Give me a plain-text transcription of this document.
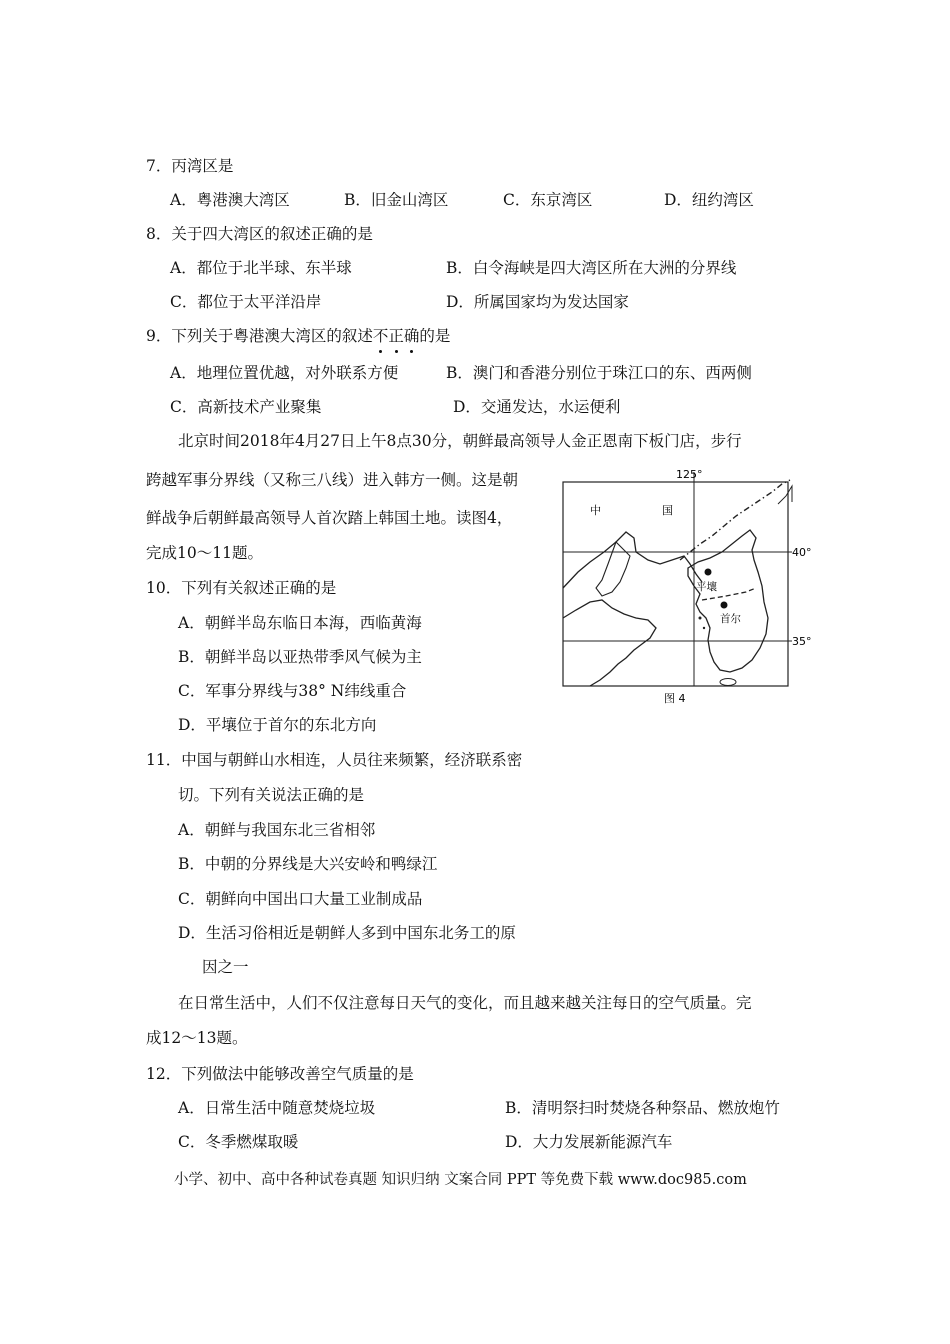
7．丙湾区是
A．粤港澳大湾区	B．旧金山湾区	C．东京湾区	D．纽约湾区
8．关于四大湾区的叙述正确的是
A．都位于北半球、东半球	B．白令海峡是四大湾区所在大洲的分界线
C．都位于太平洋沿岸	D．所属国家均为发达国家
9．下列关于粤港澳大湾区的叙述不正确的是
A．地理位置优越，对外联系方便	B．澳门和香港分别位于珠江口的东、西两侧
C．高新技术产业聚集	D．交通发达，水运便利
北京时间2018年4月27日上午8点30分，朝鲜最高领导人金正恩南下板门店，步行
跨越军事分界线（又称三八线）进入韩方一侧。这是朝
鲜战争后朝鲜最高领导人首次踏上韩国土地。读图4，
完成10～11题。
125°
40°
35°
中	国
平壤
首尔
图 4
10．下列有关叙述正确的是
A．朝鲜半岛东临日本海，西临黄海
B．朝鲜半岛以亚热带季风气候为主
C．军事分界线与38° N纬线重合
D．平壤位于首尔的东北方向
11．中国与朝鲜山水相连，人员往来频繁，经济联系密
切。下列有关说法正确的是
A．朝鲜与我国东北三省相邻
B．中朝的分界线是大兴安岭和鸭绿江
C．朝鲜向中国出口大量工业制成品
D．生活习俗相近是朝鲜人多到中国东北务工的原
因之一
在日常生活中，人们不仅注意每日天气的变化，而且越来越关注每日的空气质量。完
成12～13题。
12．下列做法中能够改善空气质量的是
A．日常生活中随意焚烧垃圾	B．清明祭扫时焚烧各种祭品、燃放炮竹
C．冬季燃煤取暖	D．大力发展新能源汽车
小学、初中、高中各种试卷真题 知识归纳 文案合同 PPT 等免费下载 www.doc985.com
